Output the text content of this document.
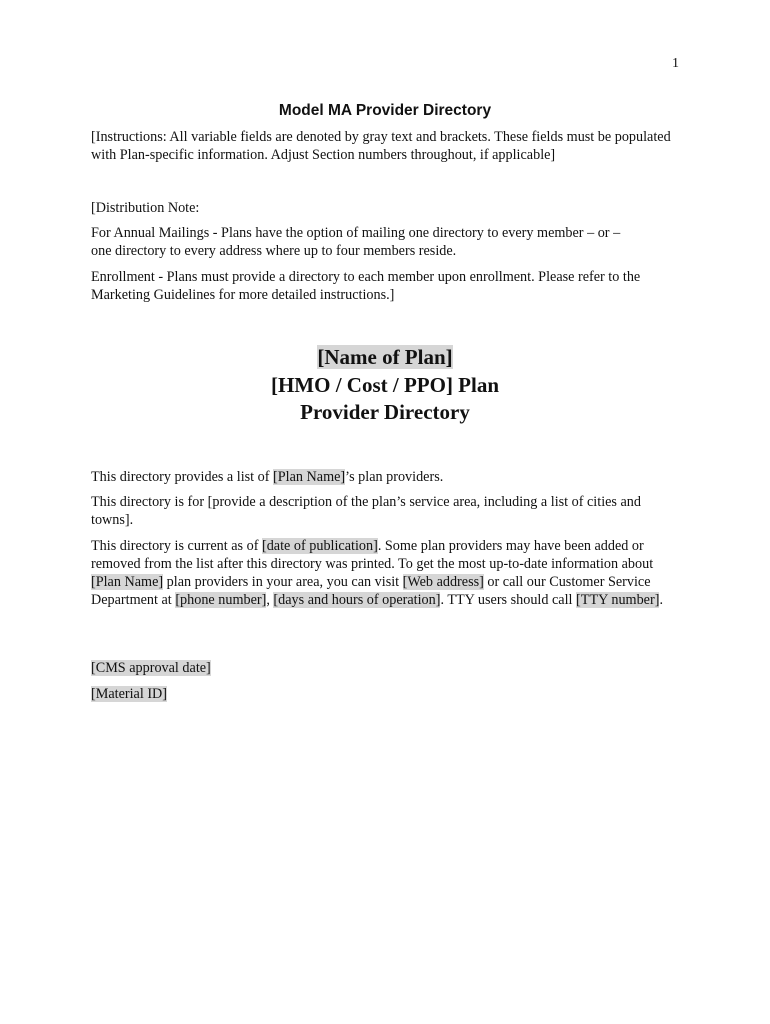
1
Model MA Provider Directory
[Instructions: All variable fields are denoted by gray text and brackets. These fields must be populated with Plan-specific information. Adjust Section numbers throughout, if applicable]
[Distribution Note:
For Annual Mailings - Plans have the option of mailing one directory to every member – or –
one directory to every address where up to four members reside.
Enrollment - Plans must provide a directory to each member upon enrollment. Please refer to the
Marketing Guidelines for more detailed instructions.]
[Name of Plan]
[HMO / Cost / PPO] Plan
Provider Directory
This directory provides a list of [Plan Name]’s plan providers.
This directory is for [provide a description of the plan’s service area, including a list of cities and towns].
This directory is current as of [date of publication]. Some plan providers may have been added or removed from the list after this directory was printed. To get the most up-to-date information about [Plan Name] plan providers in your area, you can visit [Web address] or call our Customer Service Department at [phone number], [days and hours of operation]. TTY users should call [TTY number].
[CMS approval date]
[Material ID]
